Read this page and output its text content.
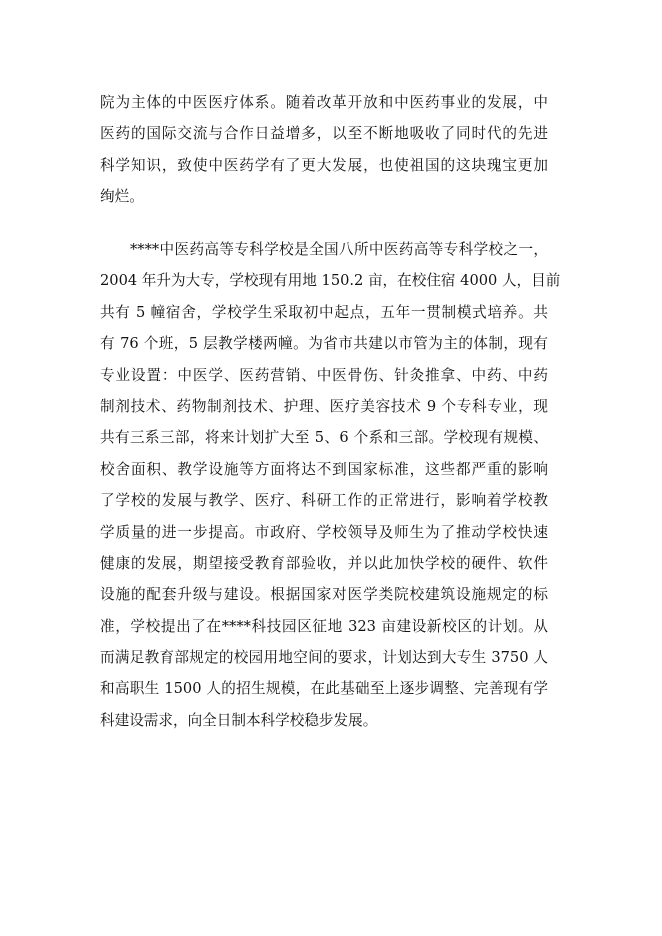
院为主体的中医医疗体系。随着改革开放和中医药事业的发展，中
医药的国际交流与合作日益增多，以至不断地吸收了同时代的先进
科学知识，致使中医药学有了更大发展，也使祖国的这块瑰宝更加
绚烂。
****中医药高等专科学校是全国八所中医药高等专科学校之一，
2004 年升为大专，学校现有用地 150.2 亩，在校住宿 4000 人，目前
共有 5 幢宿舍，学校学生采取初中起点，五年一贯制模式培养。共
有 76 个班，5 层教学楼两幢。为省市共建以市管为主的体制，现有
专业设置：中医学、医药营销、中医骨伤、针灸推拿、中药、中药
制剂技术、药物制剂技术、护理、医疗美容技术 9 个专科专业，现
共有三系三部，将来计划扩大至 5、6 个系和三部。学校现有规模、
校舍面积、教学设施等方面将达不到国家标准，这些都严重的影响
了学校的发展与教学、医疗、科研工作的正常进行，影响着学校教
学质量的进一步提高。市政府、学校领导及师生为了推动学校快速
健康的发展，期望接受教育部验收，并以此加快学校的硬件、软件
设施的配套升级与建设。根据国家对医学类院校建筑设施规定的标
准，学校提出了在****科技园区征地 323 亩建设新校区的计划。从
而满足教育部规定的校园用地空间的要求，计划达到大专生 3750 人
和高职生 1500 人的招生规模，在此基础至上逐步调整、完善现有学
科建设需求，向全日制本科学校稳步发展。
